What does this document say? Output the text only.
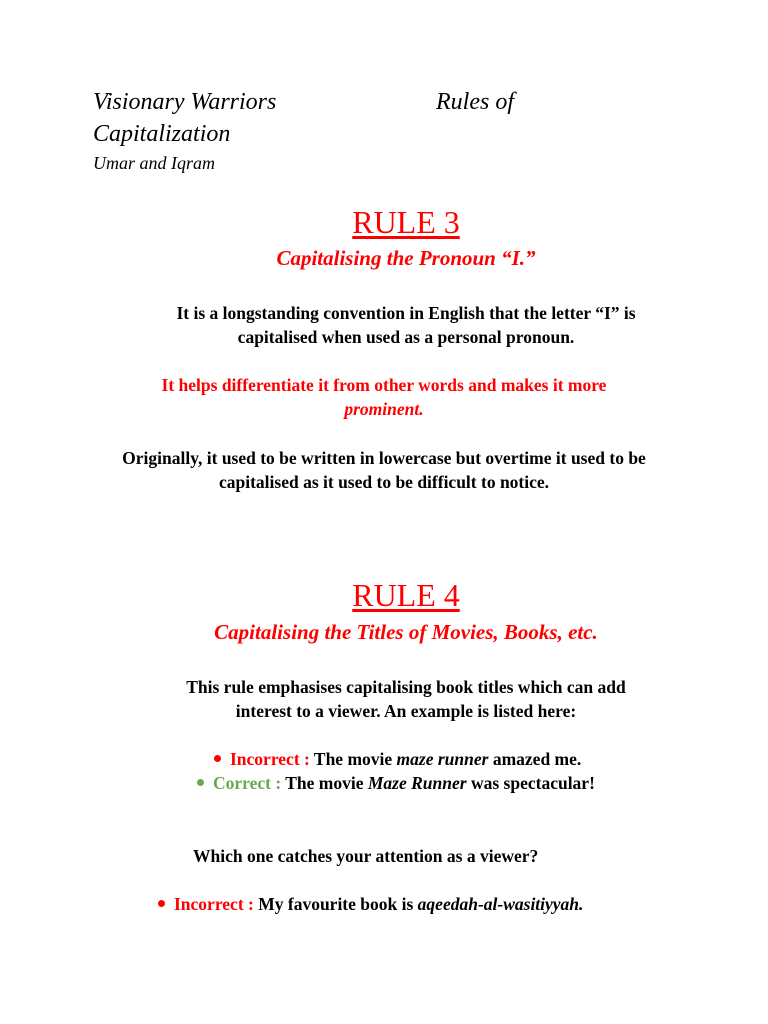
Visionary Warriors	Rules of
Capitalization
Umar and Iqram
RULE 3
Capitalising the Pronoun “I.”
It is a longstanding convention in English that the letter “I” is
capitalised when used as a personal pronoun.
It helps differentiate it from other words and makes it more
prominent.
Originally, it used to be written in lowercase but overtime it used to be
capitalised as it used to be difficult to notice.
RULE 4
Capitalising the Titles of Movies, Books, etc.
This rule emphasises capitalising book titles which can add
interest to a viewer. An example is listed here:
Incorrect : The movie maze runner amazed me.
Correct : The movie Maze Runner was spectacular!
Which one catches your attention as a viewer?
Incorrect : My favourite book is aqeedah-al-wasitiyyah.
